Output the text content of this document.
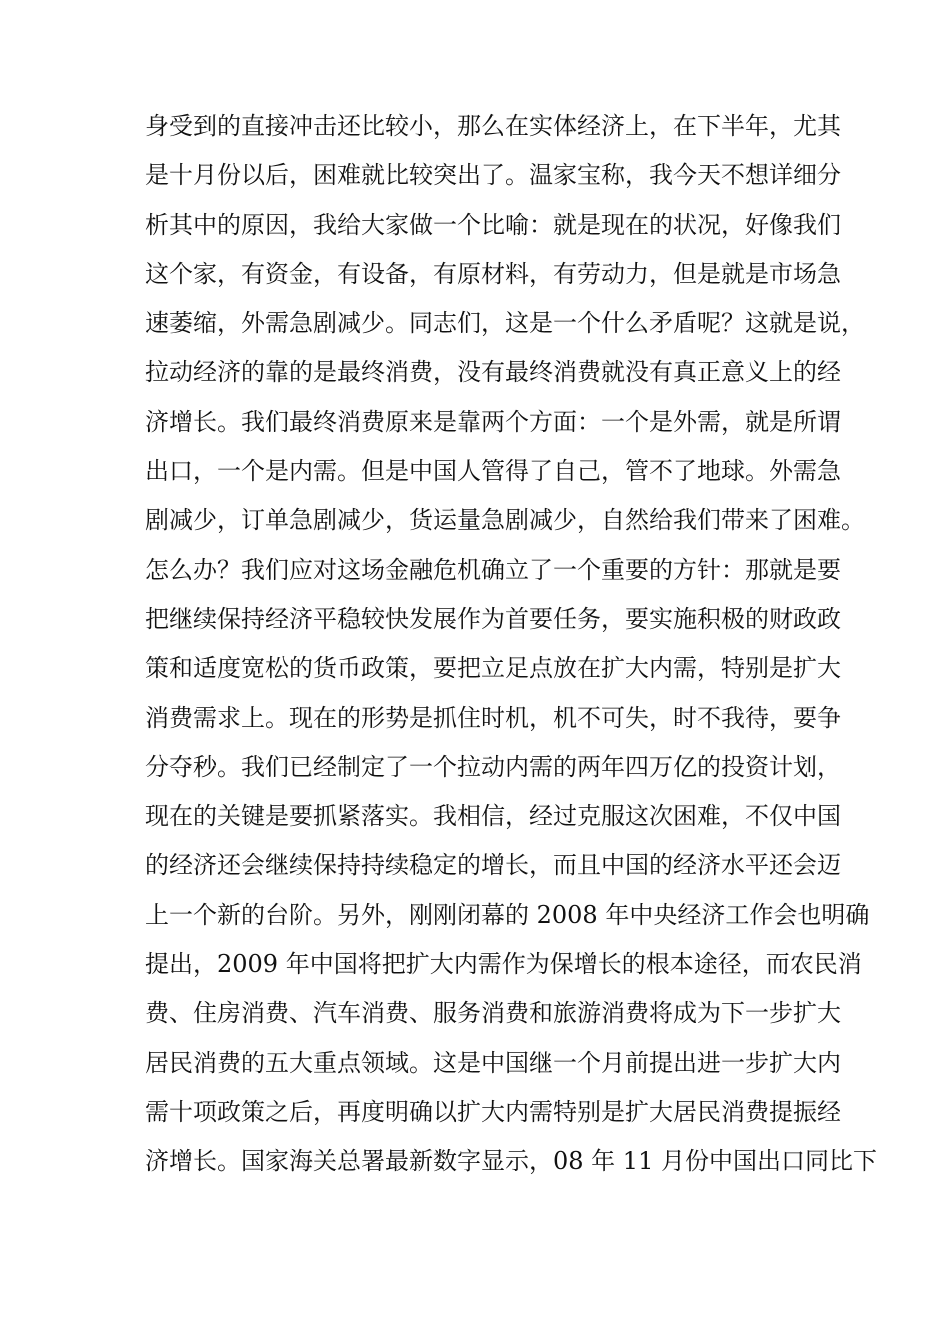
身受到的直接冲击还比较小，那么在实体经济上，在下半年，尤其
是十月份以后，困难就比较突出了。温家宝称，我今天不想详细分
析其中的原因，我给大家做一个比喻：就是现在的状况，好像我们
这个家，有资金，有设备，有原材料，有劳动力，但是就是市场急
速萎缩，外需急剧减少。同志们，这是一个什么矛盾呢？这就是说，
拉动经济的靠的是最终消费，没有最终消费就没有真正意义上的经
济增长。我们最终消费原来是靠两个方面：一个是外需，就是所谓
出口，一个是内需。但是中国人管得了自己，管不了地球。外需急
剧减少，订单急剧减少，货运量急剧减少，自然给我们带来了困难。
怎么办？我们应对这场金融危机确立了一个重要的方针：那就是要
把继续保持经济平稳较快发展作为首要任务，要实施积极的财政政
策和适度宽松的货币政策，要把立足点放在扩大内需，特别是扩大
消费需求上。现在的形势是抓住时机，机不可失，时不我待，要争
分夺秒。我们已经制定了一个拉动内需的两年四万亿的投资计划，
现在的关键是要抓紧落实。我相信，经过克服这次困难，不仅中国
的经济还会继续保持持续稳定的增长，而且中国的经济水平还会迈
上一个新的台阶。另外，刚刚闭幕的 2008 年中央经济工作会也明确
提出，2009 年中国将把扩大内需作为保增长的根本途径，而农民消
费、住房消费、汽车消费、服务消费和旅游消费将成为下一步扩大
居民消费的五大重点领域。这是中国继一个月前提出进一步扩大内
需十项政策之后，再度明确以扩大内需特别是扩大居民消费提振经
济增长。国家海关总署最新数字显示，08 年 11 月份中国出口同比下
